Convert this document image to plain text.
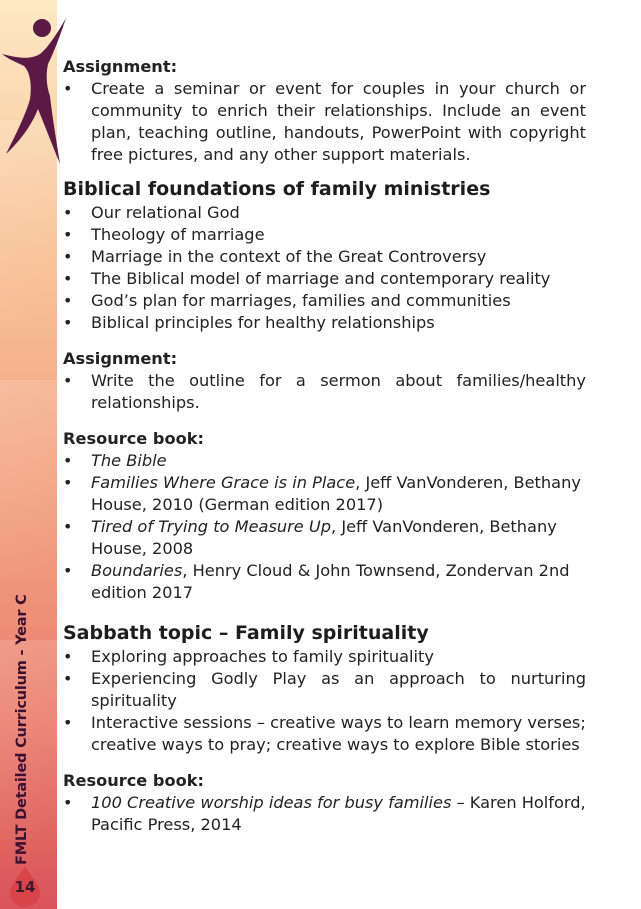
FMLT Detailed Curriculum - Year C
14

Assignment:

• Create a seminar or event for couples in your church or community to enrich their relationships. Include an event plan, teaching outline, handouts, PowerPoint with copyright free pictures, and any other support materials.

Biblical foundations of family ministries

• Our relational God
• Theology of marriage
• Marriage in the context of the Great Controversy
• The Biblical model of marriage and contemporary reality
• God’s plan for marriages, families and communities
• Biblical principles for healthy relationships

Assignment:

• Write the outline for a sermon about families/healthy relationships.

Resource book:

• The Bible
• Families Where Grace is in Place, Jeff VanVonderen, Bethany House, 2010 (German edition 2017)
• Tired of Trying to Measure Up, Jeff VanVonderen, Bethany House, 2008
• Boundaries, Henry Cloud & John Townsend, Zondervan 2nd edition 2017

Sabbath topic – Family spirituality

• Exploring approaches to family spirituality
• Experiencing Godly Play as an approach to nurturing spirituality
• Interactive sessions – creative ways to learn memory verses; creative ways to pray; creative ways to explore Bible stories

Resource book:

• 100 Creative worship ideas for busy families – Karen Holford, Pacific Press, 2014
